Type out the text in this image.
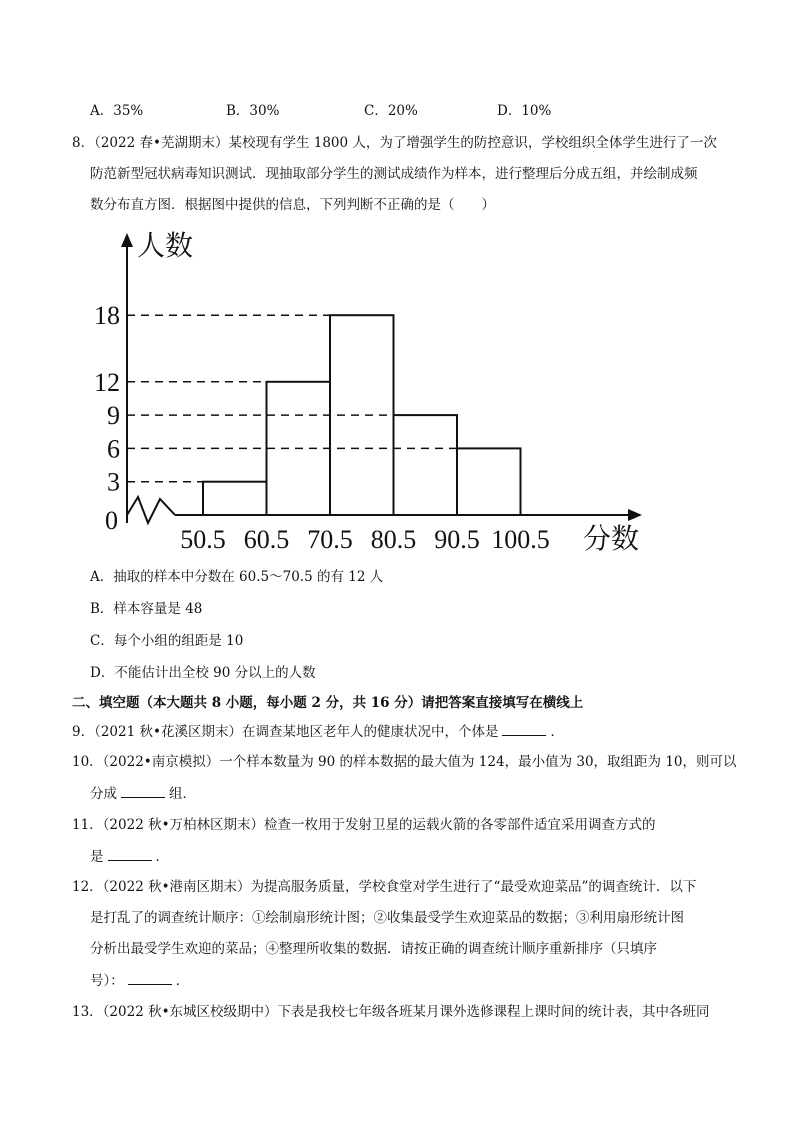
A．35%	B．30%	C．20%	D．10%
8．（2022 春•芜湖期末）某校现有学生 1800 人，为了增强学生的防控意识，学校组织全体学生进行了一次
防范新型冠状病毒知识测试．现抽取部分学生的测试成绩作为样本，进行整理后分成五组，并绘制成频
数分布直方图．根据图中提供的信息，下列判断不正确的是（　　）
3
6
9
12
18
0
50.5 60.5 70.5 80.5 90.5 100.5
人数
分数
A．抽取的样本中分数在 60.5～70.5 的有 12 人
B．样本容量是 48
C．每个小组的组距是 10
D．不能估计出全校 90 分以上的人数
二、填空题（本大题共 8 小题，每小题 2 分，共 16 分）请把答案直接填写在横线上
9．（2021 秋•花溪区期末）在调查某地区老年人的健康状况中，个体是	．
10．（2022•南京模拟）一个样本数量为 90 的样本数据的最大值为 124，最小值为 30，取组距为 10，则可以
分成	组．
11．（2022 秋•万柏林区期末）检查一枚用于发射卫星的运载火箭的各零部件适宜采用调查方式的
是	．
12．（2022 秋•港南区期末）为提高服务质量，学校食堂对学生进行了“最受欢迎菜品”的调查统计．以下
是打乱了的调查统计顺序：①绘制扇形统计图；②收集最受学生欢迎菜品的数据；③利用扇形统计图
分析出最受学生欢迎的菜品；④整理所收集的数据．请按正确的调查统计顺序重新排序（只填序
号）：	．
13．（2022 秋•东城区校级期中）下表是我校七年级各班某月课外选修课程上课时间的统计表，其中各班同
